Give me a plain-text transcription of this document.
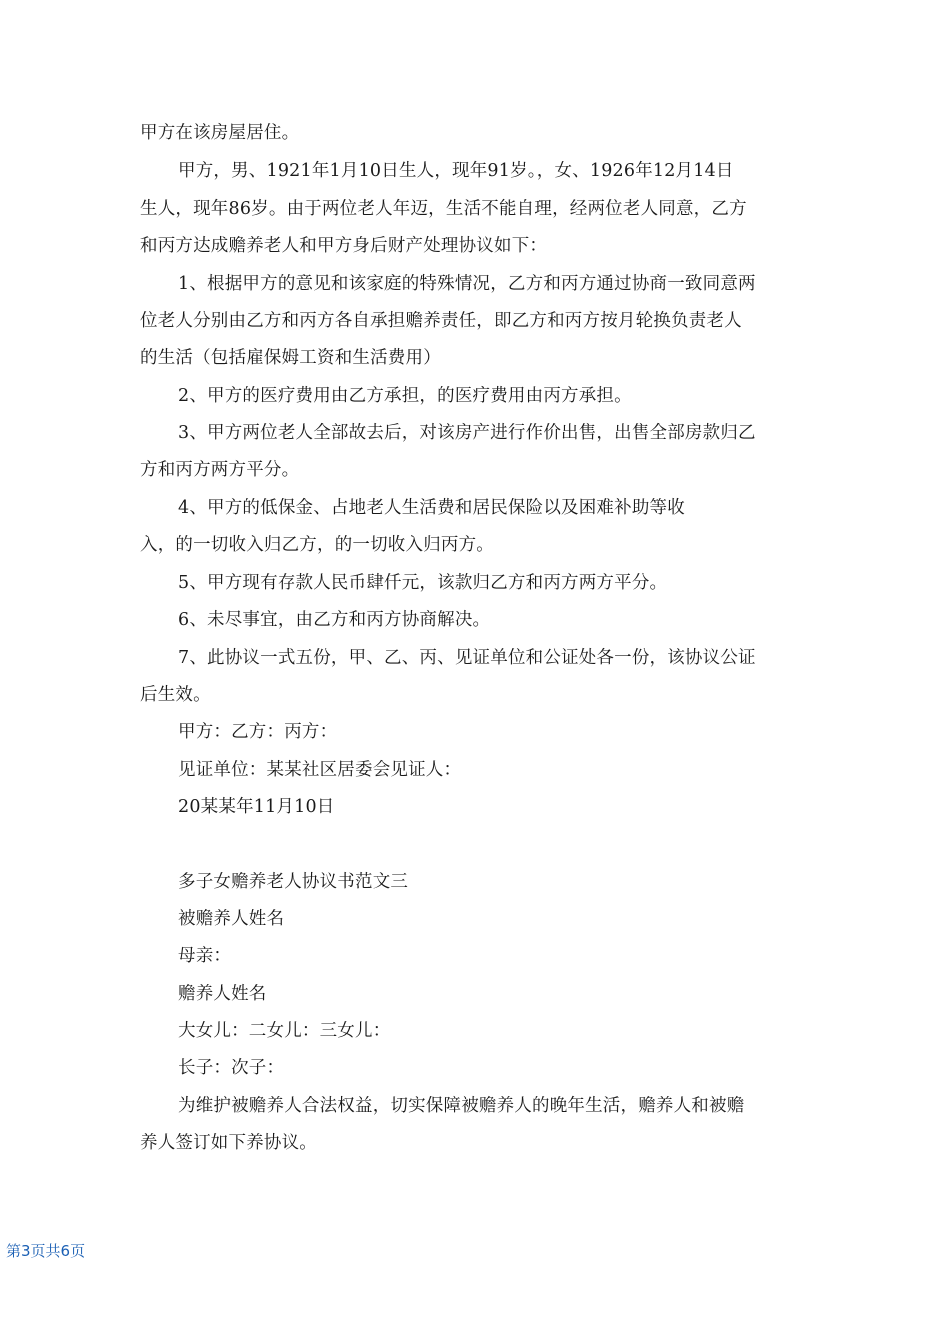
甲方在该房屋居住。
甲方，男、1921年1月10日生人，现年91岁。，女、1926年12月14日
生人，现年86岁。由于两位老人年迈，生活不能自理，经两位老人同意，乙方
和丙方达成赡养老人和甲方身后财产处理协议如下：
1、根据甲方的意见和该家庭的特殊情况，乙方和丙方通过协商一致同意两
位老人分别由乙方和丙方各自承担赡养责任，即乙方和丙方按月轮换负责老人
的生活（包括雇保姆工资和生活费用）
2、甲方的医疗费用由乙方承担，的医疗费用由丙方承担。
3、甲方两位老人全部故去后，对该房产进行作价出售，出售全部房款归乙
方和丙方两方平分。
4、甲方的低保金、占地老人生活费和居民保险以及困难补助等收
入，的一切收入归乙方，的一切收入归丙方。
5、甲方现有存款人民币肆仟元，该款归乙方和丙方两方平分。
6、未尽事宜，由乙方和丙方协商解决。
7、此协议一式五份，甲、乙、丙、见证单位和公证处各一份，该协议公证
后生效。
甲方：乙方：丙方：
见证单位：某某社区居委会见证人：
20某某年11月10日
多子女赡养老人协议书范文三
被赡养人姓名
母亲：
赡养人姓名
大女儿：二女儿：三女儿：
长子：次子：
为维护被赡养人合法权益，切实保障被赡养人的晚年生活，赡养人和被赡
养人签订如下养协议。
第3页共6页
